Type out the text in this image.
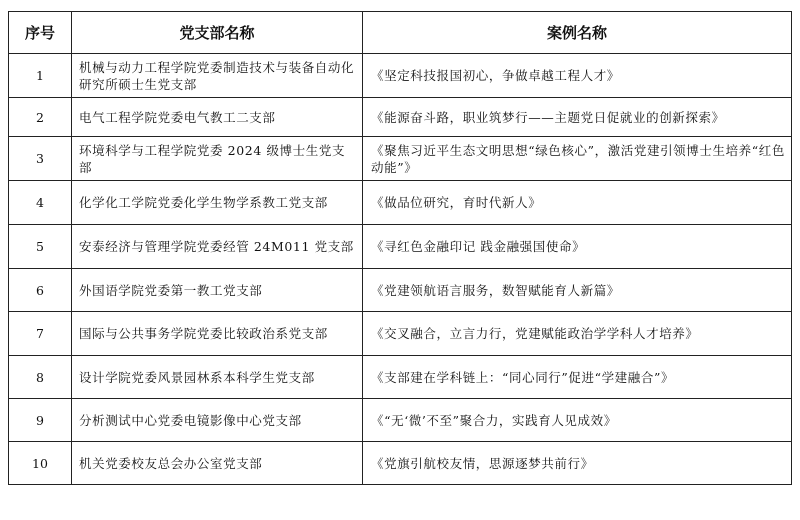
序号	党支部名称	案例名称
1	机械与动力工程学院党委制造技术与装备自动化研究所硕士生党支部	《坚定科技报国初心，争做卓越工程人才》
2	电气工程学院党委电气教工二支部	《能源奋斗路，职业筑梦行——主题党日促就业的创新探索》
3	环境科学与工程学院党委 2024 级博士生党支部	《聚焦习近平生态文明思想“绿色核心”，激活党建引领博士生培养“红色动能”》
4	化学化工学院党委化学生物学系教工党支部	《做品位研究，育时代新人》
5	安泰经济与管理学院党委经管 24M011 党支部	《寻红色金融印记 践金融强国使命》
6	外国语学院党委第一教工党支部	《党建领航语言服务，数智赋能育人新篇》
7	国际与公共事务学院党委比较政治系党支部	《交叉融合，立言力行，党建赋能政治学学科人才培养》
8	设计学院党委风景园林系本科学生党支部	《支部建在学科链上：“同心同行”促进“学建融合”》
9	分析测试中心党委电镜影像中心党支部	《“无‘微’不至”聚合力，实践育人见成效》
10	机关党委校友总会办公室党支部	《党旗引航校友情，思源逐梦共前行》
